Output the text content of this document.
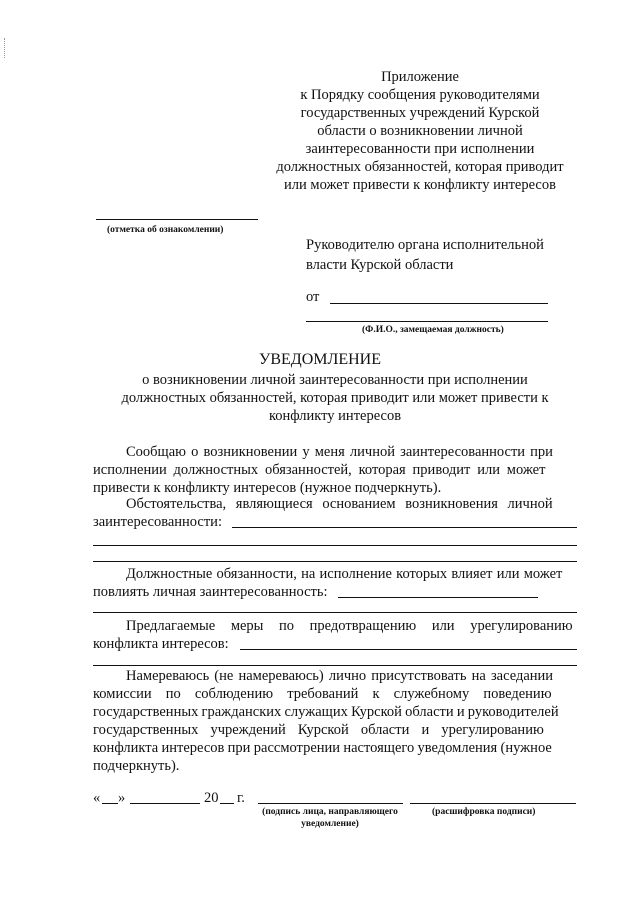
Приложение
к Порядку сообщения руководителями
государственных учреждений Курской
области о возникновении личной
заинтересованности при исполнении
должностных обязанностей, которая приводит
или может привести к конфликту интересов
(отметка об ознакомлении)
Руководителю органа исполнительной
власти Курской области
от
(Ф.И.О., замещаемая должность)
УВЕДОМЛЕНИЕ
о возникновении личной заинтересованности при исполнении
должностных обязанностей, которая приводит или может привести к
конфликту интересов
Сообщаю о возникновении у меня личной заинтересованности при
исполнении должностных обязанностей, которая приводит или может
привести к конфликту интересов (нужное подчеркнуть).
Обстоятельства, являющиеся основанием возникновения личной
заинтересованности:
Должностные обязанности, на исполнение которых влияет или может
повлиять личная заинтересованность:
Предлагаемые меры по предотвращению или урегулированию
конфликта интересов:
Намереваюсь (не намереваюсь) лично присутствовать на заседании
комиссии по соблюдению требований к служебному поведению
государственных гражданских служащих Курской области и руководителей
государственных учреждений Курской области и урегулированию
конфликта интересов при рассмотрении настоящего уведомления (нужное
подчеркнуть).
« »	20 г.
(подпись лица, направляющего
уведомление)
(расшифровка подписи)
